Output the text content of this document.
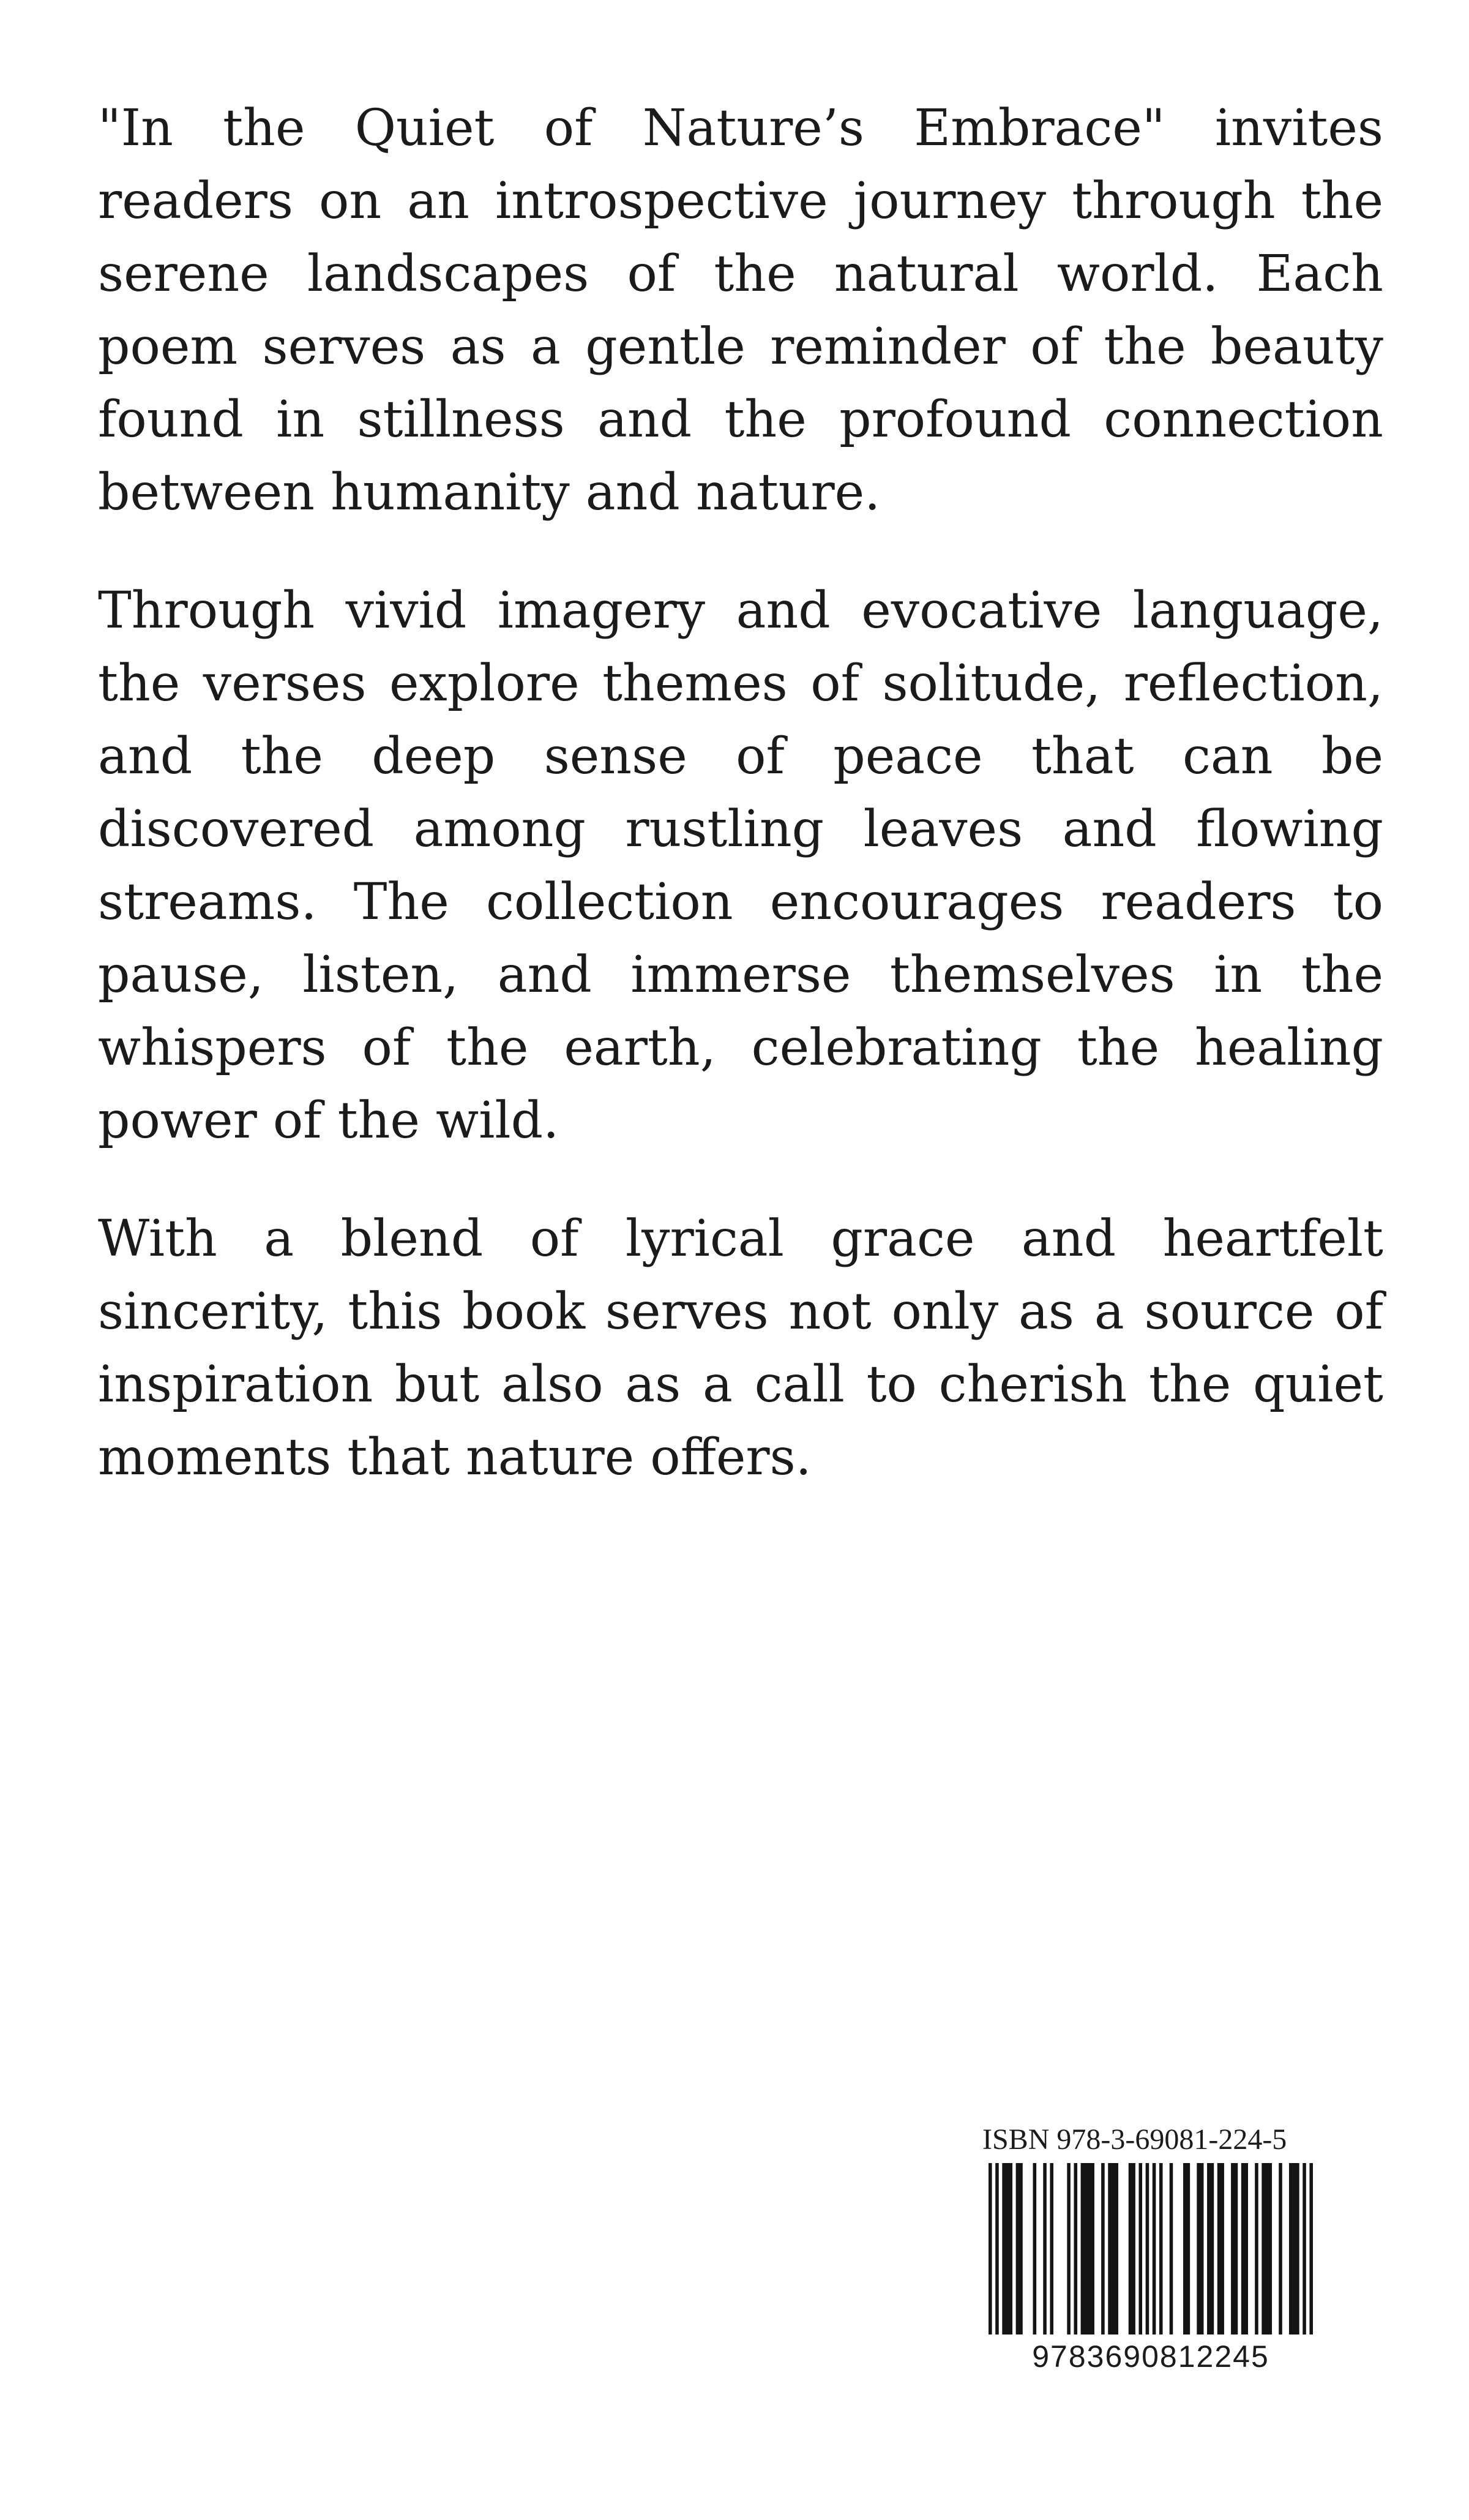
"In the Quiet of Nature’s Embrace" invites readers on an introspective journey through the serene landscapes of the natural world. Each poem serves as a gentle reminder of the beauty found in stillness and the profound connection between humanity and nature.

Through vivid imagery and evocative language, the verses explore themes of solitude, reflection, and the deep sense of peace that can be discovered among rustling leaves and flowing streams. The collection encourages readers to pause, listen, and immerse themselves in the whispers of the earth, celebrating the healing power of the wild.

With a blend of lyrical grace and heartfelt sincerity, this book serves not only as a source of inspiration but also as a call to cherish the quiet moments that nature offers.

ISBN 978-3-69081-224-5
9783690812245
